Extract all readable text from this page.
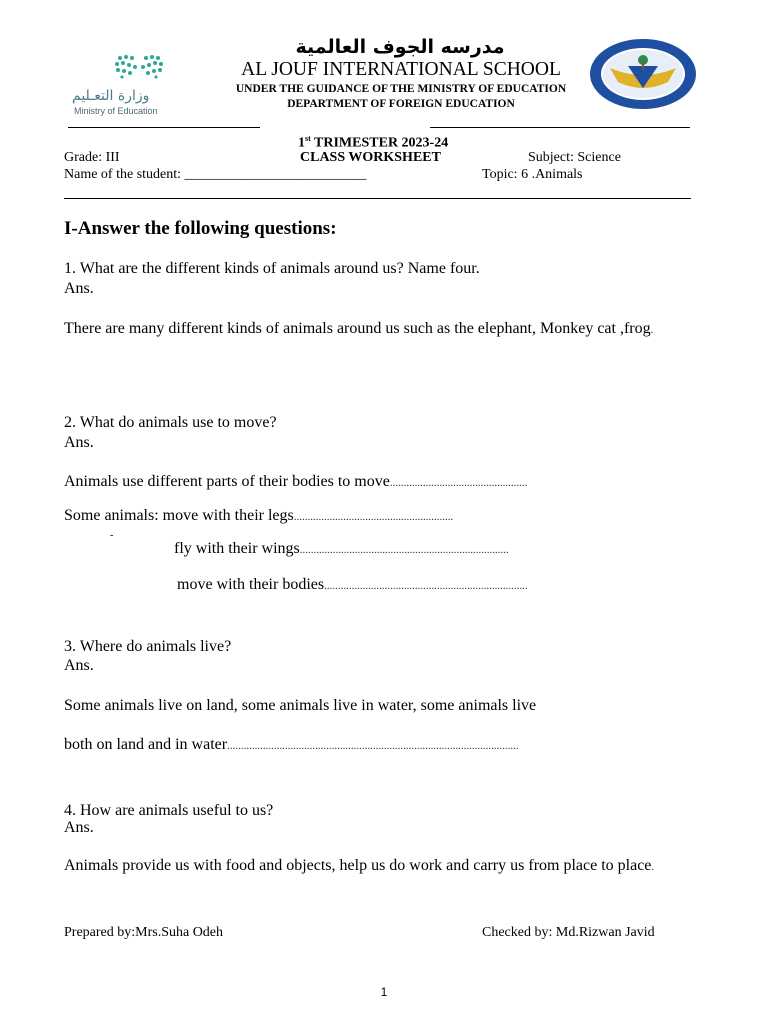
مدرسه الجوف العالمية
AL JOUF INTERNATIONAL SCHOOL
UNDER THE GUIDANCE OF THE MINISTRY OF EDUCATION
DEPARTMENT OF FOREIGN EDUCATION
وزارة التعـليم
Ministry of Education
1st TRIMESTER 2023-24
Grade: III	CLASS WORKSHEET	Subject: Science
Name of the student: __________________________	Topic: 6 .Animals
I-Answer the following questions:
1. What are the different kinds of animals around us? Name four.
Ans.
There are many different kinds of animals around us such as the elephant, Monkey cat ,frog.
2. What do animals use to move?
Ans.
Animals use different parts of their bodies to move..................................................
Some animals: move with their legs..........................................................
-
fly with their wings............................................................................
move with their bodies..........................................................................
3. Where do animals live?
Ans.
Some animals live on land, some animals live in water, some animals live
both on land and in water..........................................................................................................
4. How are animals useful to us?
Ans.
Animals provide us with food and objects, help us do work and carry us from place to place.
Prepared by:Mrs.Suha Odeh	Checked by: Md.Rizwan Javid
1
